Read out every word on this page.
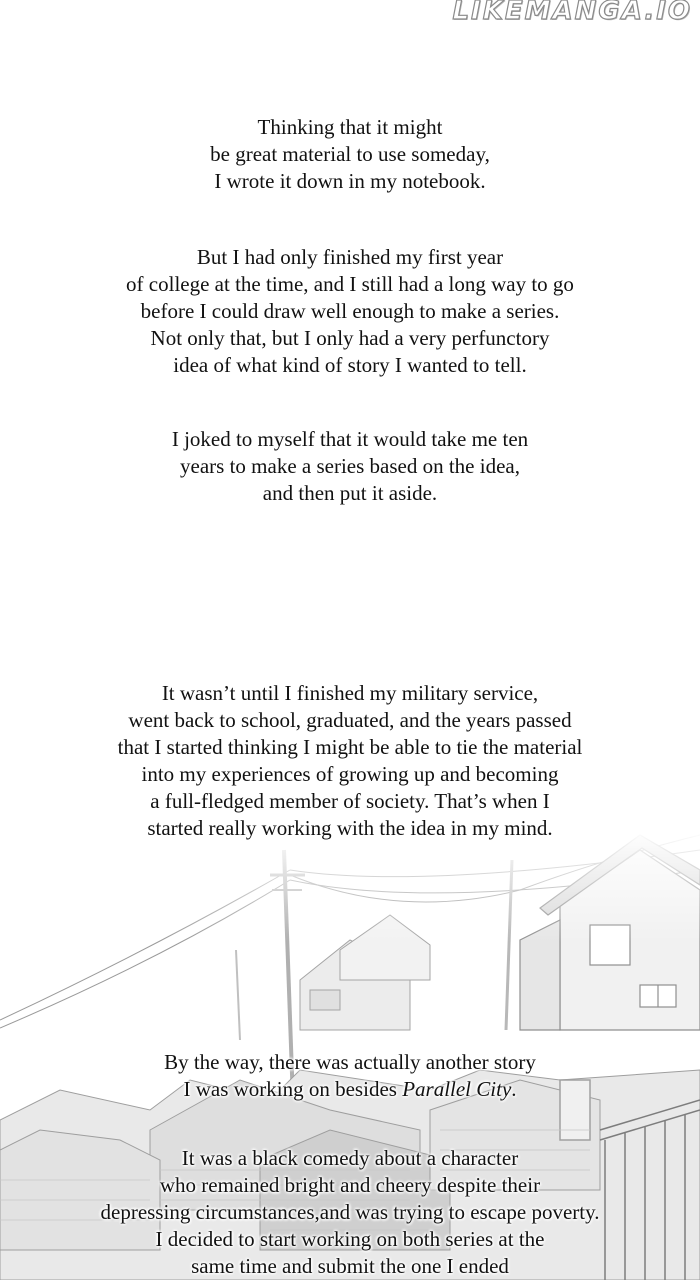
LIKEMANGA.IO
Thinking that it might
be great material to use someday,
I wrote it down in my notebook.
But I had only finished my first year
of college at the time, and I still had a long way to go
before I could draw well enough to make a series.
Not only that, but I only had a very perfunctory
idea of what kind of story I wanted to tell.
I joked to myself that it would take me ten
years to make a series based on the idea,
and then put it aside.
It wasn’t until I finished my military service,
went back to school, graduated, and the years passed
that I started thinking I might be able to tie the material
into my experiences of growing up and becoming
a full-fledged member of society. That’s when I
started really working with the idea in my mind.
By the way, there was actually another story
I was working on besides Parallel City.
It was a black comedy about a character
who remained bright and cheery despite their
depressing circumstances,and was trying to escape poverty.
I decided to start working on both series at the
same time and submit the one I ended
